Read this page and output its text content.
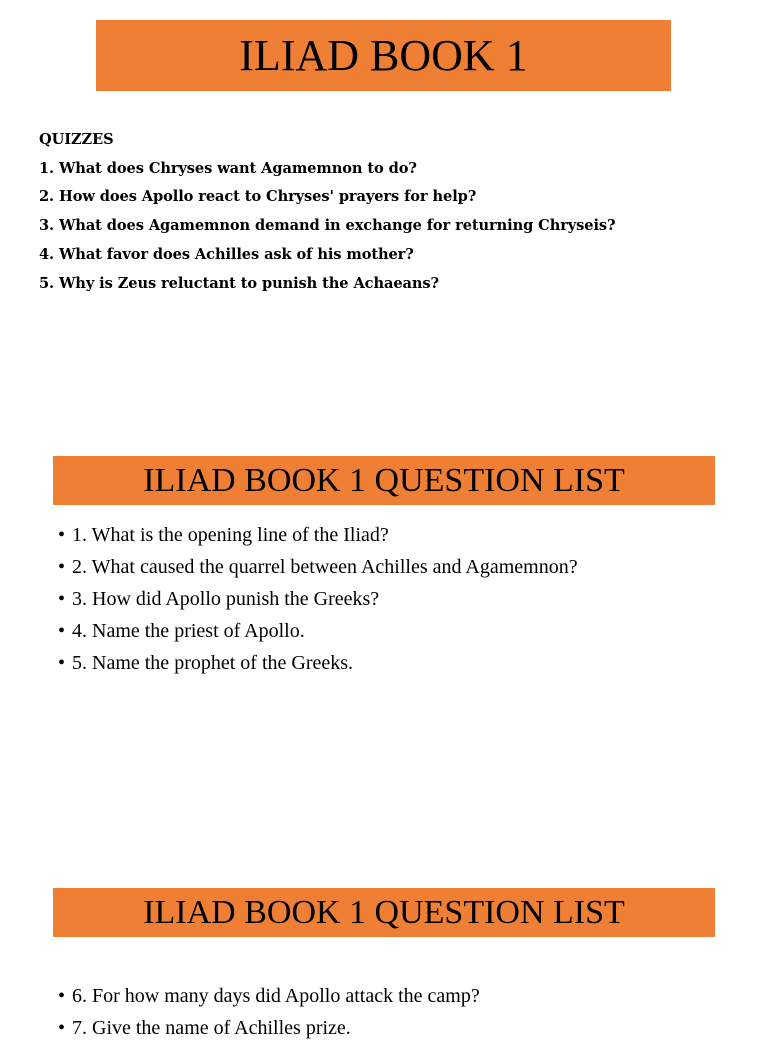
ILIAD BOOK 1
QUIZZES
1. What does Chryses want Agamemnon to do?
2. How does Apollo react to Chryses' prayers for help?
3. What does Agamemnon demand in exchange for returning Chryseis?
4. What favor does Achilles ask of his mother?
5. Why is Zeus reluctant to punish the Achaeans?
ILIAD BOOK 1 QUESTION LIST
• 1. What is the opening line of the Iliad?
• 2. What caused the quarrel between Achilles and Agamemnon?
• 3. How did Apollo punish the Greeks?
• 4. Name the priest of Apollo.
• 5. Name the prophet of the Greeks.
ILIAD BOOK 1 QUESTION LIST
• 6. For how many days did Apollo attack the camp?
• 7. Give the name of Achilles prize.
